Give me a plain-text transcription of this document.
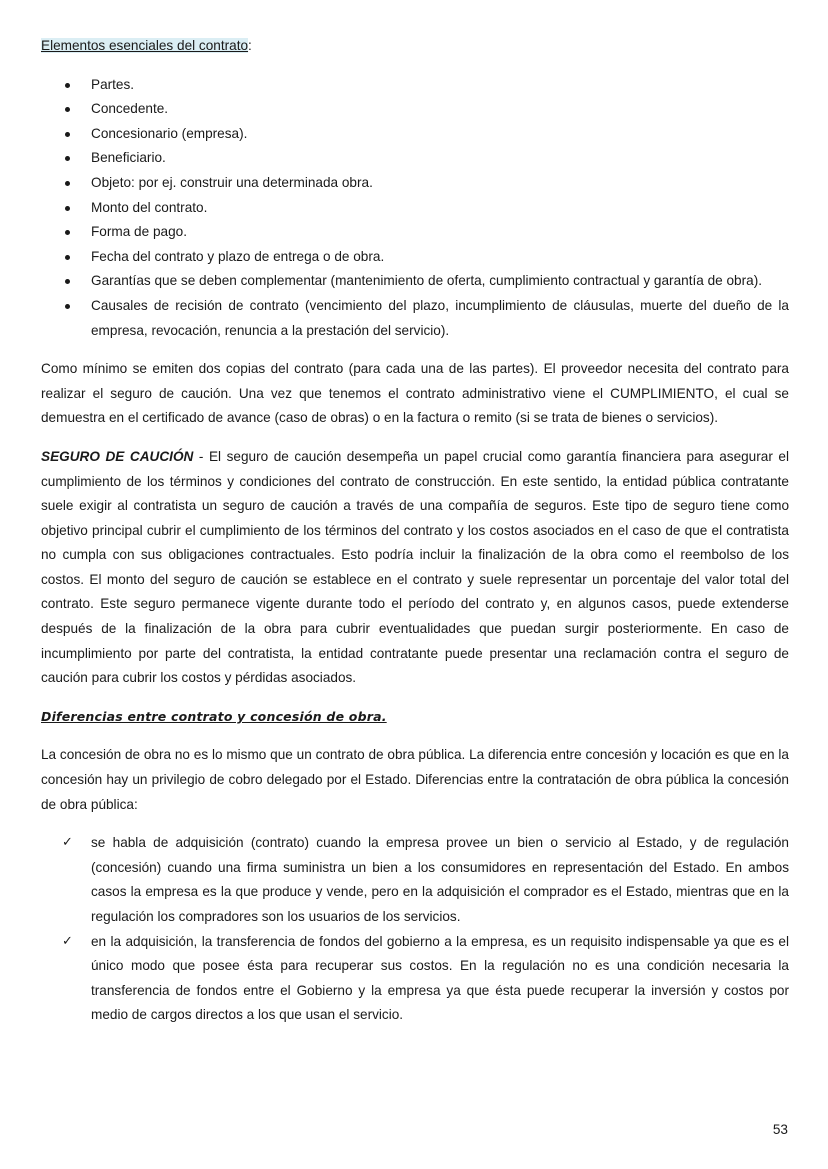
Elementos esenciales del contrato:
Partes.
Concedente.
Concesionario (empresa).
Beneficiario.
Objeto: por ej. construir una determinada obra.
Monto del contrato.
Forma de pago.
Fecha del contrato y plazo de entrega o de obra.
Garantías que se deben complementar (mantenimiento de oferta, cumplimiento contractual y garantía de obra).
Causales de recisión de contrato (vencimiento del plazo, incumplimiento de cláusulas, muerte del dueño de la empresa, revocación, renuncia a la prestación del servicio).

Como mínimo se emiten dos copias del contrato (para cada una de las partes). El proveedor necesita del contrato para realizar el seguro de caución. Una vez que tenemos el contrato administrativo viene el CUMPLIMIENTO, el cual se demuestra en el certificado de avance (caso de obras) o en la factura o remito (si se trata de bienes o servicios).

SEGURO DE CAUCIÓN - El seguro de caución desempeña un papel crucial como garantía financiera para asegurar el cumplimiento de los términos y condiciones del contrato de construcción. En este sentido, la entidad pública contratante suele exigir al contratista un seguro de caución a través de una compañía de seguros. Este tipo de seguro tiene como objetivo principal cubrir el cumplimiento de los términos del contrato y los costos asociados en el caso de que el contratista no cumpla con sus obligaciones contractuales. Esto podría incluir la finalización de la obra como el reembolso de los costos. El monto del seguro de caución se establece en el contrato y suele representar un porcentaje del valor total del contrato. Este seguro permanece vigente durante todo el período del contrato y, en algunos casos, puede extenderse después de la finalización de la obra para cubrir eventualidades que puedan surgir posteriormente. En caso de incumplimiento por parte del contratista, la entidad contratante puede presentar una reclamación contra el seguro de caución para cubrir los costos y pérdidas asociados.

Diferencias entre contrato y concesión de obra.

La concesión de obra no es lo mismo que un contrato de obra pública. La diferencia entre concesión y locación es que en la concesión hay un privilegio de cobro delegado por el Estado. Diferencias entre la contratación de obra pública la concesión de obra pública:

✓ se habla de adquisición (contrato) cuando la empresa provee un bien o servicio al Estado, y de regulación (concesión) cuando una firma suministra un bien a los consumidores en representación del Estado. En ambos casos la empresa es la que produce y vende, pero en la adquisición el comprador es el Estado, mientras que en la regulación los compradores son los usuarios de los servicios.
✓ en la adquisición, la transferencia de fondos del gobierno a la empresa, es un requisito indispensable ya que es el único modo que posee ésta para recuperar sus costos. En la regulación no es una condición necesaria la transferencia de fondos entre el Gobierno y la empresa ya que ésta puede recuperar la inversión y costos por medio de cargos directos a los que usan el servicio.
53
